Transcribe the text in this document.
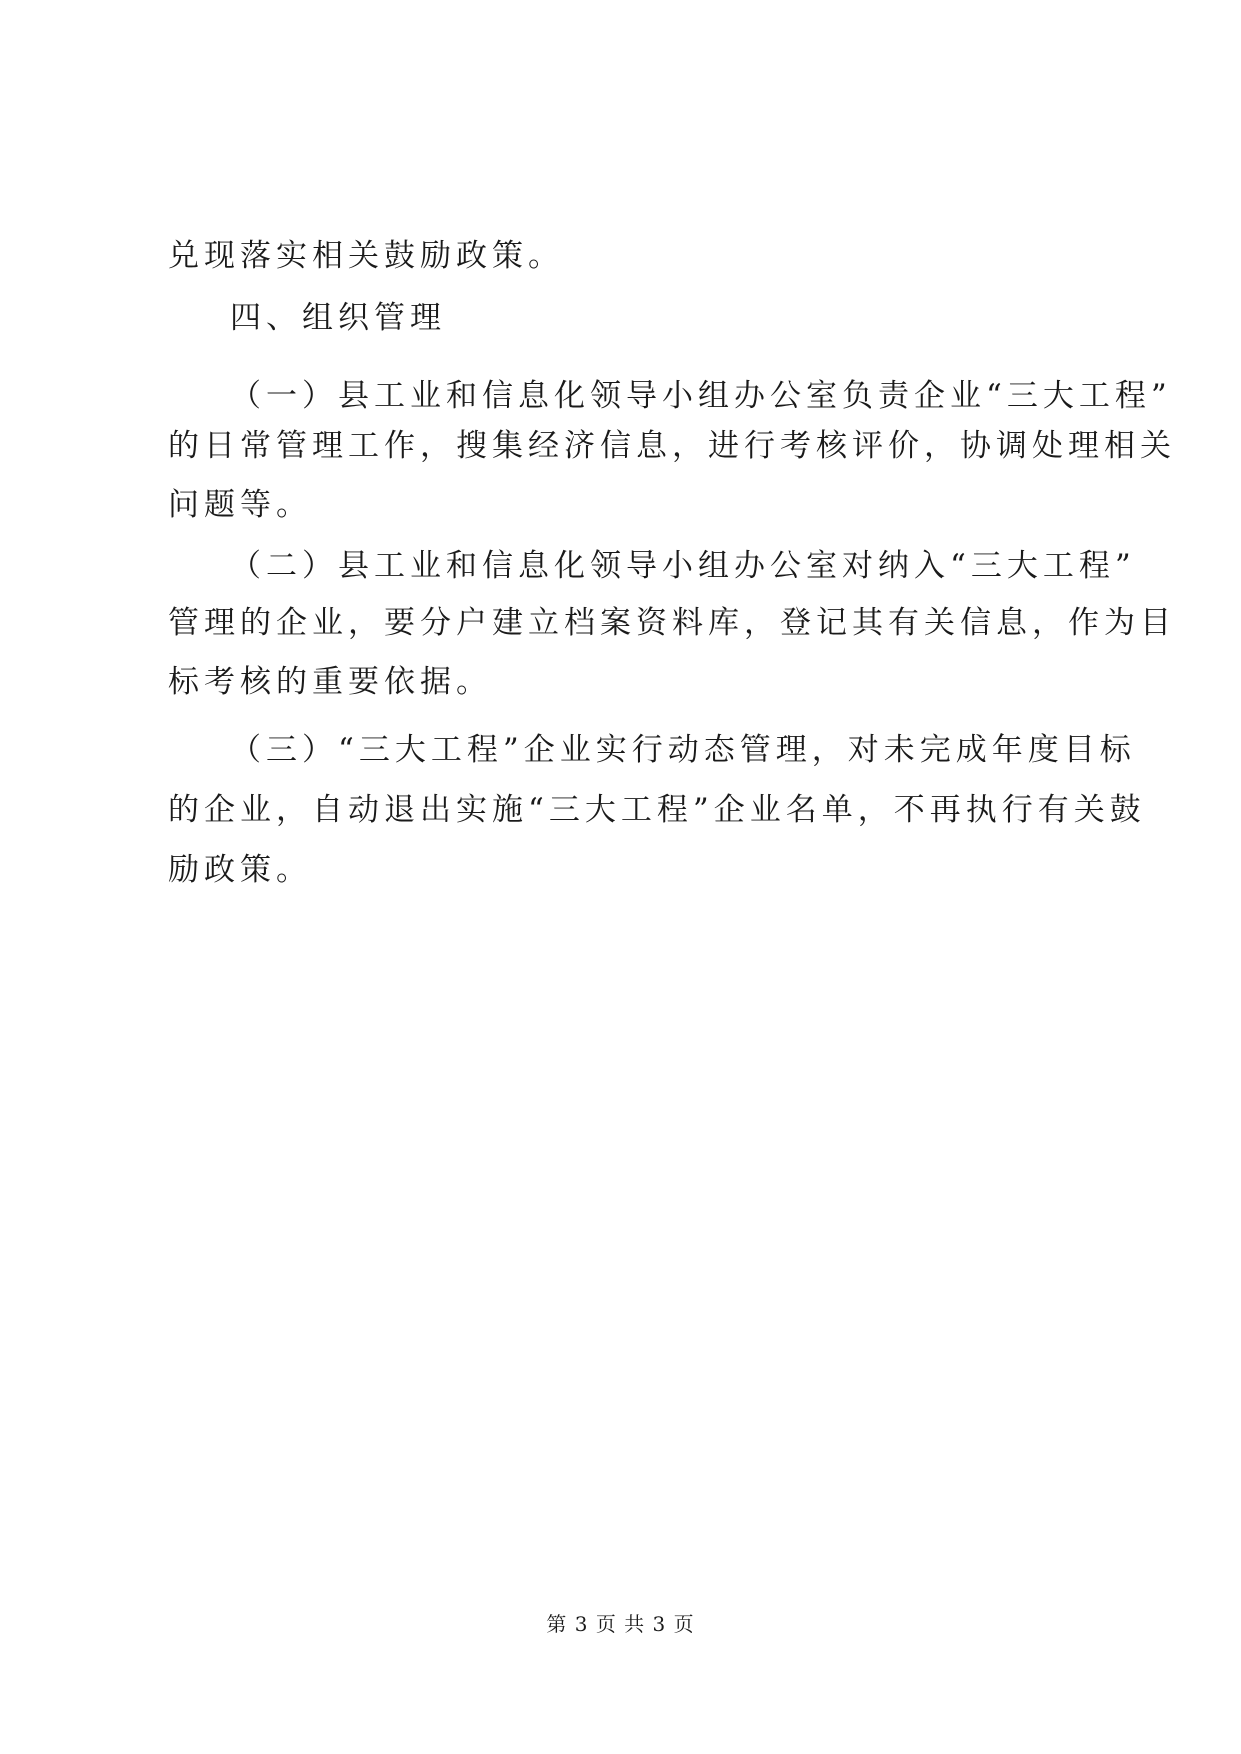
兑现落实相关鼓励政策。
四、组织管理
（一）县工业和信息化领导小组办公室负责企业“三大工程”
的日常管理工作，搜集经济信息，进行考核评价，协调处理相关
问题等。
（二）县工业和信息化领导小组办公室对纳入“三大工程”
管理的企业，要分户建立档案资料库，登记其有关信息，作为目
标考核的重要依据。
（三）“三大工程”企业实行动态管理，对未完成年度目标
的企业，自动退出实施“三大工程”企业名单，不再执行有关鼓
励政策。
第 3 页 共 3 页
